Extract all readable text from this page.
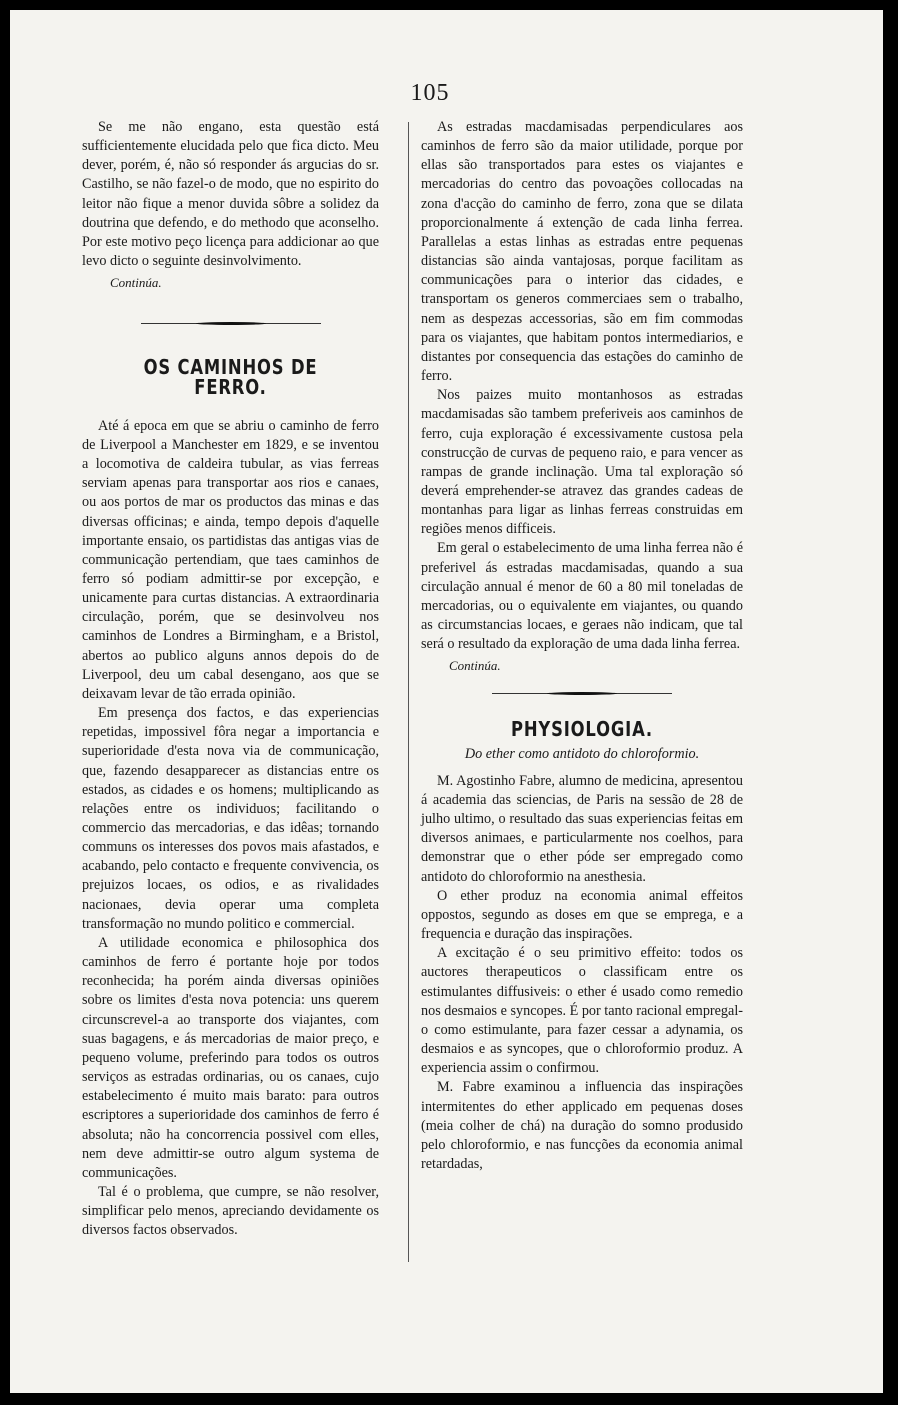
105

Se me não engano, esta questão está sufficientemente elucidada pelo que fica dicto. Meu dever, porém, é, não só responder ás argucias do sr. Castilho, se não fazel-o de modo, que no espirito do leitor não fique a menor duvida sôbre a solidez da doutrina que defendo, e do methodo que aconselho. Por este motivo peço licença para addicionar ao que levo dicto o seguinte desinvolvimento.

Continúa.
OS CAMINHOS DE FERRO.

Até á epoca em que se abriu o caminho de ferro de Liverpool a Manchester em 1829, e se inventou a locomotiva de caldeira tubular, as vias ferreas serviam apenas para transportar aos rios e canaes, ou aos portos de mar os productos das minas e das diversas officinas; e ainda, tempo depois d'aquelle importante ensaio, os partidistas das antigas vias de communicação pertendiam, que taes caminhos de ferro só podiam admittir-se por excepção, e unicamente para curtas distancias. A extraordinaria circulação, porém, que se desinvolveu nos caminhos de Londres a Birmingham, e a Bristol, abertos ao publico alguns annos depois do de Liverpool, deu um cabal desengano, aos que se deixavam levar de tão errada opinião.

Em presença dos factos, e das experiencias repetidas, impossivel fôra negar a importancia e superioridade d'esta nova via de communicação, que, fazendo desapparecer as distancias entre os estados, as cidades e os homens; multiplicando as relações entre os individuos; facilitando o commercio das mercadorias, e das idêas; tornando communs os interesses dos povos mais afastados, e acabando, pelo contacto e frequente convivencia, os prejuizos locaes, os odios, e as rivalidades nacionaes, devia operar uma completa transformação no mundo politico e commercial.

A utilidade economica e philosophica dos caminhos de ferro é portante hoje por todos reconhecida; ha porém ainda diversas opiniões sobre os limites d'esta nova potencia: uns querem circunscrevel-a ao transporte dos viajantes, com suas bagagens, e ás mercadorias de maior preço, e pequeno volume, preferindo para todos os outros serviços as estradas ordinarias, ou os canaes, cujo estabelecimento é muito mais barato: para outros escriptores a superioridade dos caminhos de ferro é absoluta; não ha concorrencia possivel com elles, nem deve admittir-se outro algum systema de communicações.

Tal é o problema, que cumpre, se não resolver, simplificar pelo menos, apreciando devidamente os diversos factos observados.

As estradas macdamisadas perpendiculares aos caminhos de ferro são da maior utilidade, porque por ellas são transportados para estes os viajantes e mercadorias do centro das povoações collocadas na zona d'acção do caminho de ferro, zona que se dilata proporcionalmente á extenção de cada linha ferrea. Parallelas a estas linhas as estradas entre pequenas distancias são ainda vantajosas, porque facilitam as communicações para o interior das cidades, e transportam os generos commerciaes sem o trabalho, nem as despezas accessorias, são em fim commodas para os viajantes, que habitam pontos intermediarios, e distantes por consequencia das estações do caminho de ferro.

Nos paizes muito montanhosos as estradas macdamisadas são tambem preferiveis aos caminhos de ferro, cuja exploração é excessivamente custosa pela construcção de curvas de pequeno raio, e para vencer as rampas de grande inclinação. Uma tal exploração só deverá emprehender-se atravez das grandes cadeas de montanhas para ligar as linhas ferreas construidas em regiões menos difficeis.

Em geral o estabelecimento de uma linha ferrea não é preferivel ás estradas macdamisadas, quando a sua circulação annual é menor de 60 a 80 mil toneladas de mercadorias, ou o equivalente em viajantes, ou quando as circumstancias locaes, e geraes não indicam, que tal será o resultado da exploração de uma dada linha ferrea.

Continúa.
PHYSIOLOGIA.

Do ether como antidoto do chloroformio.

M. Agostinho Fabre, alumno de medicina, apresentou á academia das sciencias, de Paris na sessão de 28 de julho ultimo, o resultado das suas experiencias feitas em diversos animaes, e particularmente nos coelhos, para demonstrar que o ether póde ser empregado como antidoto do chloroformio na anesthesia.

O ether produz na economia animal effeitos oppostos, segundo as doses em que se emprega, e a frequencia e duração das inspirações.

A excitação é o seu primitivo effeito: todos os auctores therapeuticos o classificam entre os estimulantes diffusiveis: o ether é usado como remedio nos desmaios e syncopes. É por tanto racional empregal-o como estimulante, para fazer cessar a adynamia, os desmaios e as syncopes, que o chloroformio produz. A experiencia assim o confirmou.

M. Fabre examinou a influencia das inspirações intermitentes do ether applicado em pequenas doses (meia colher de chá) na duração do somno produsido pelo chloroformio, e nas funcções da economia animal retardadas,
